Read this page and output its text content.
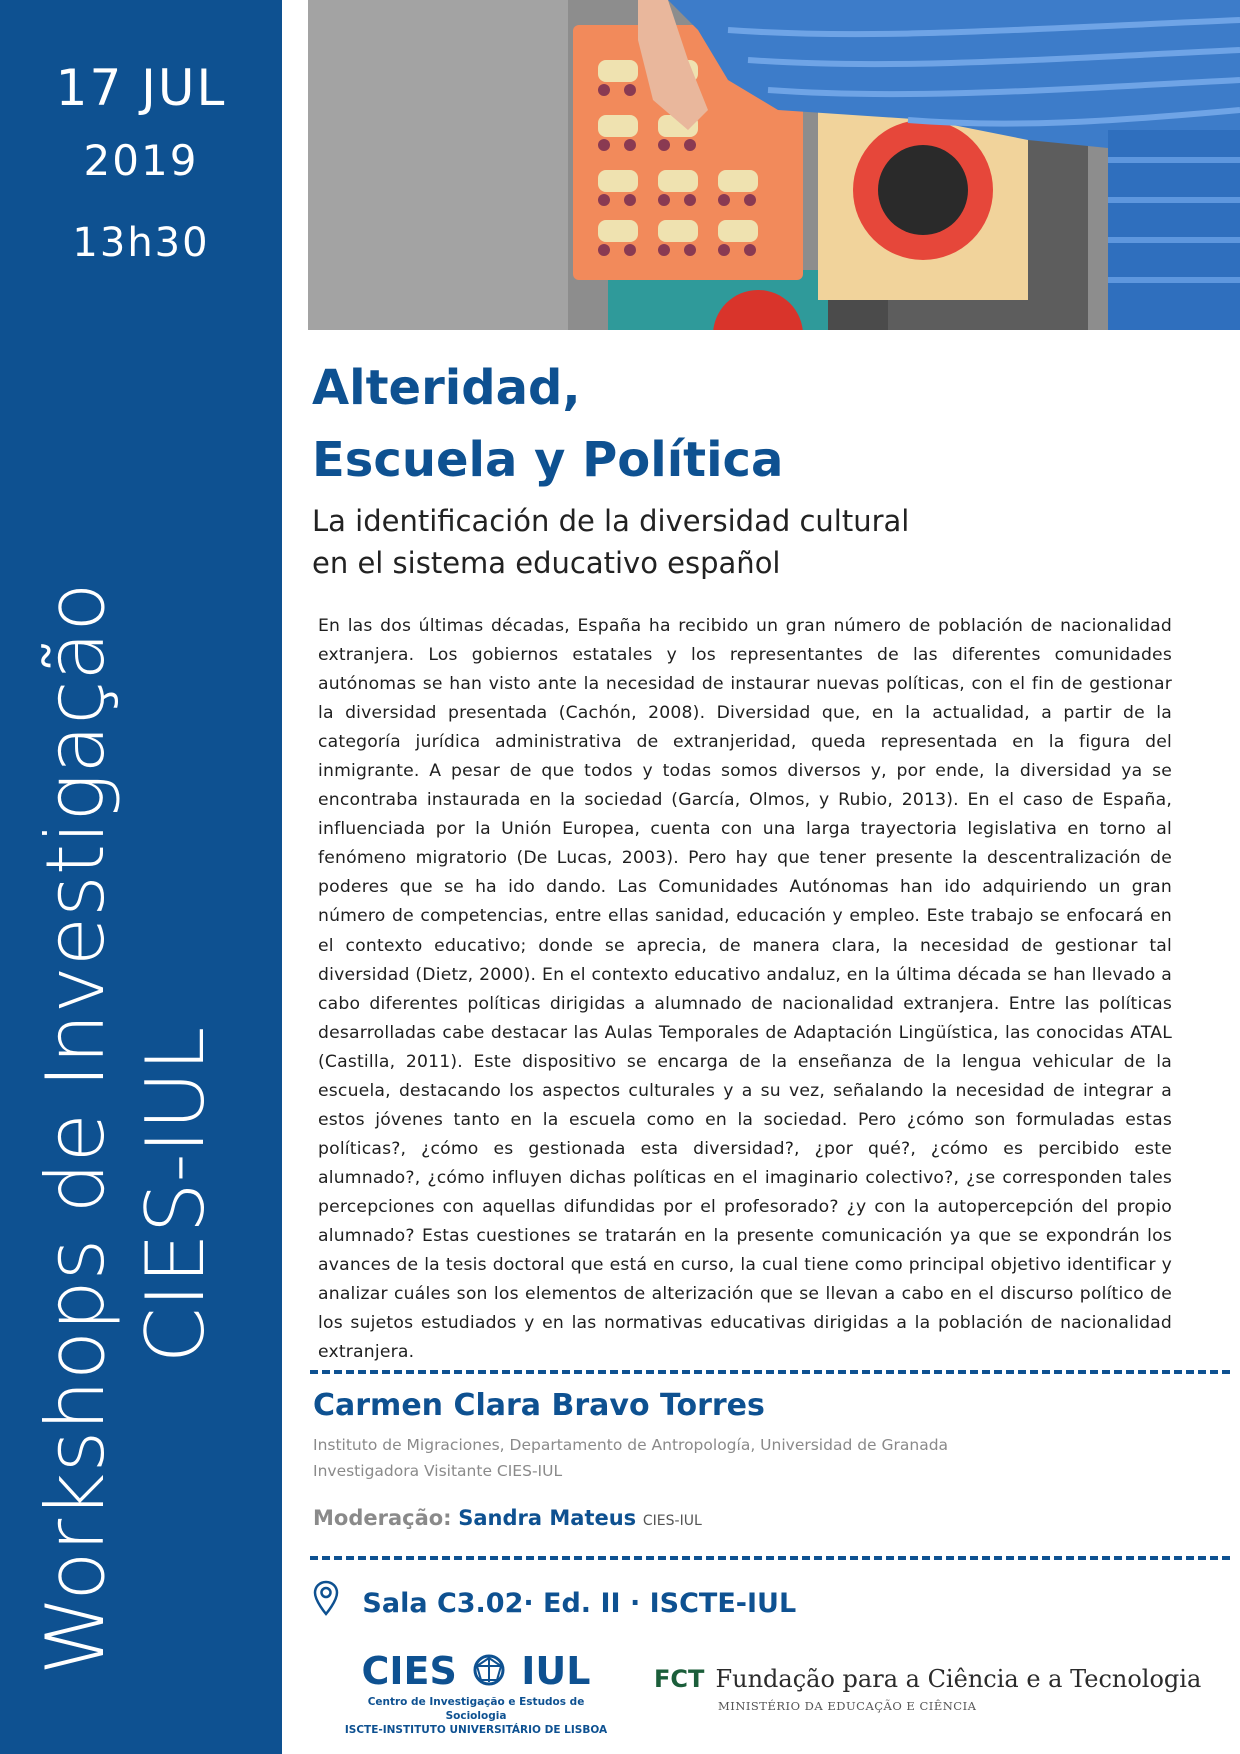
17 JUL
2019
13h30
Workshops de Investigação CIES-IUL
Alteridad,
Escuela y Política
La identificación de la diversidad cultural
en el sistema educativo español
En las dos últimas décadas, España ha recibido un gran número de población de nacionalidad extranjera. Los gobiernos estatales y los representantes de las diferentes comunidades autónomas se han visto ante la necesidad de instaurar nuevas políticas, con el fin de gestionar la diversidad presentada (Cachón, 2008). Diversidad que, en la actualidad, a partir de la categoría jurídica administrativa de extranjeridad, queda representada en la figura del inmigrante. A pesar de que todos y todas somos diversos y, por ende, la diversidad ya se encontraba instaurada en la sociedad (García, Olmos, y Rubio, 2013). En el caso de España, influenciada por la Unión Europea, cuenta con una larga trayectoria legislativa en torno al fenómeno migratorio (De Lucas, 2003). Pero hay que tener presente la descentralización de poderes que se ha ido dando. Las Comunidades Autónomas han ido adquiriendo un gran número de competencias, entre ellas sanidad, educación y empleo. Este trabajo se enfocará en el contexto educativo; donde se aprecia, de manera clara, la necesidad de gestionar tal diversidad (Dietz, 2000). En el contexto educativo andaluz, en la última década se han llevado a cabo diferentes políticas dirigidas a alumnado de nacionalidad extranjera. Entre las políticas desarrolladas cabe destacar las Aulas Temporales de Adaptación Lingüística, las conocidas ATAL (Castilla, 2011). Este dispositivo se encarga de la enseñanza de la lengua vehicular de la escuela, destacando los aspectos culturales y a su vez, señalando la necesidad de integrar a estos jóvenes tanto en la escuela como en la sociedad. Pero ¿cómo son formuladas estas políticas?, ¿cómo es gestionada esta diversidad?, ¿por qué?, ¿cómo es percibido este alumnado?, ¿cómo influyen dichas políticas en el imaginario colectivo?, ¿se corresponden tales percepciones con aquellas difundidas por el profesorado? ¿y con la autopercepción del propio alumnado? Estas cuestiones se tratarán en la presente comunicación ya que se expondrán los avances de la tesis doctoral que está en curso, la cual tiene como principal objetivo identificar y analizar cuáles son los elementos de alterización que se llevan a cabo en el discurso político de los sujetos estudiados y en las normativas educativas dirigidas a la población de nacionalidad extranjera.
Carmen Clara Bravo Torres
Instituto de Migraciones, Departamento de Antropología, Universidad de Granada
Investigadora Visitante CIES-IUL
Moderação: Sandra Mateus CIES-IUL
Sala C3.02· Ed. II · ISCTE-IUL
CIES IUL
Centro de Investigação e Estudos de Sociologia
ISCTE-INSTITUTO UNIVERSITÁRIO DE LISBOA
FCT Fundação para a Ciência e a Tecnologia
MINISTÉRIO DA EDUCAÇÃO E CIÊNCIA
